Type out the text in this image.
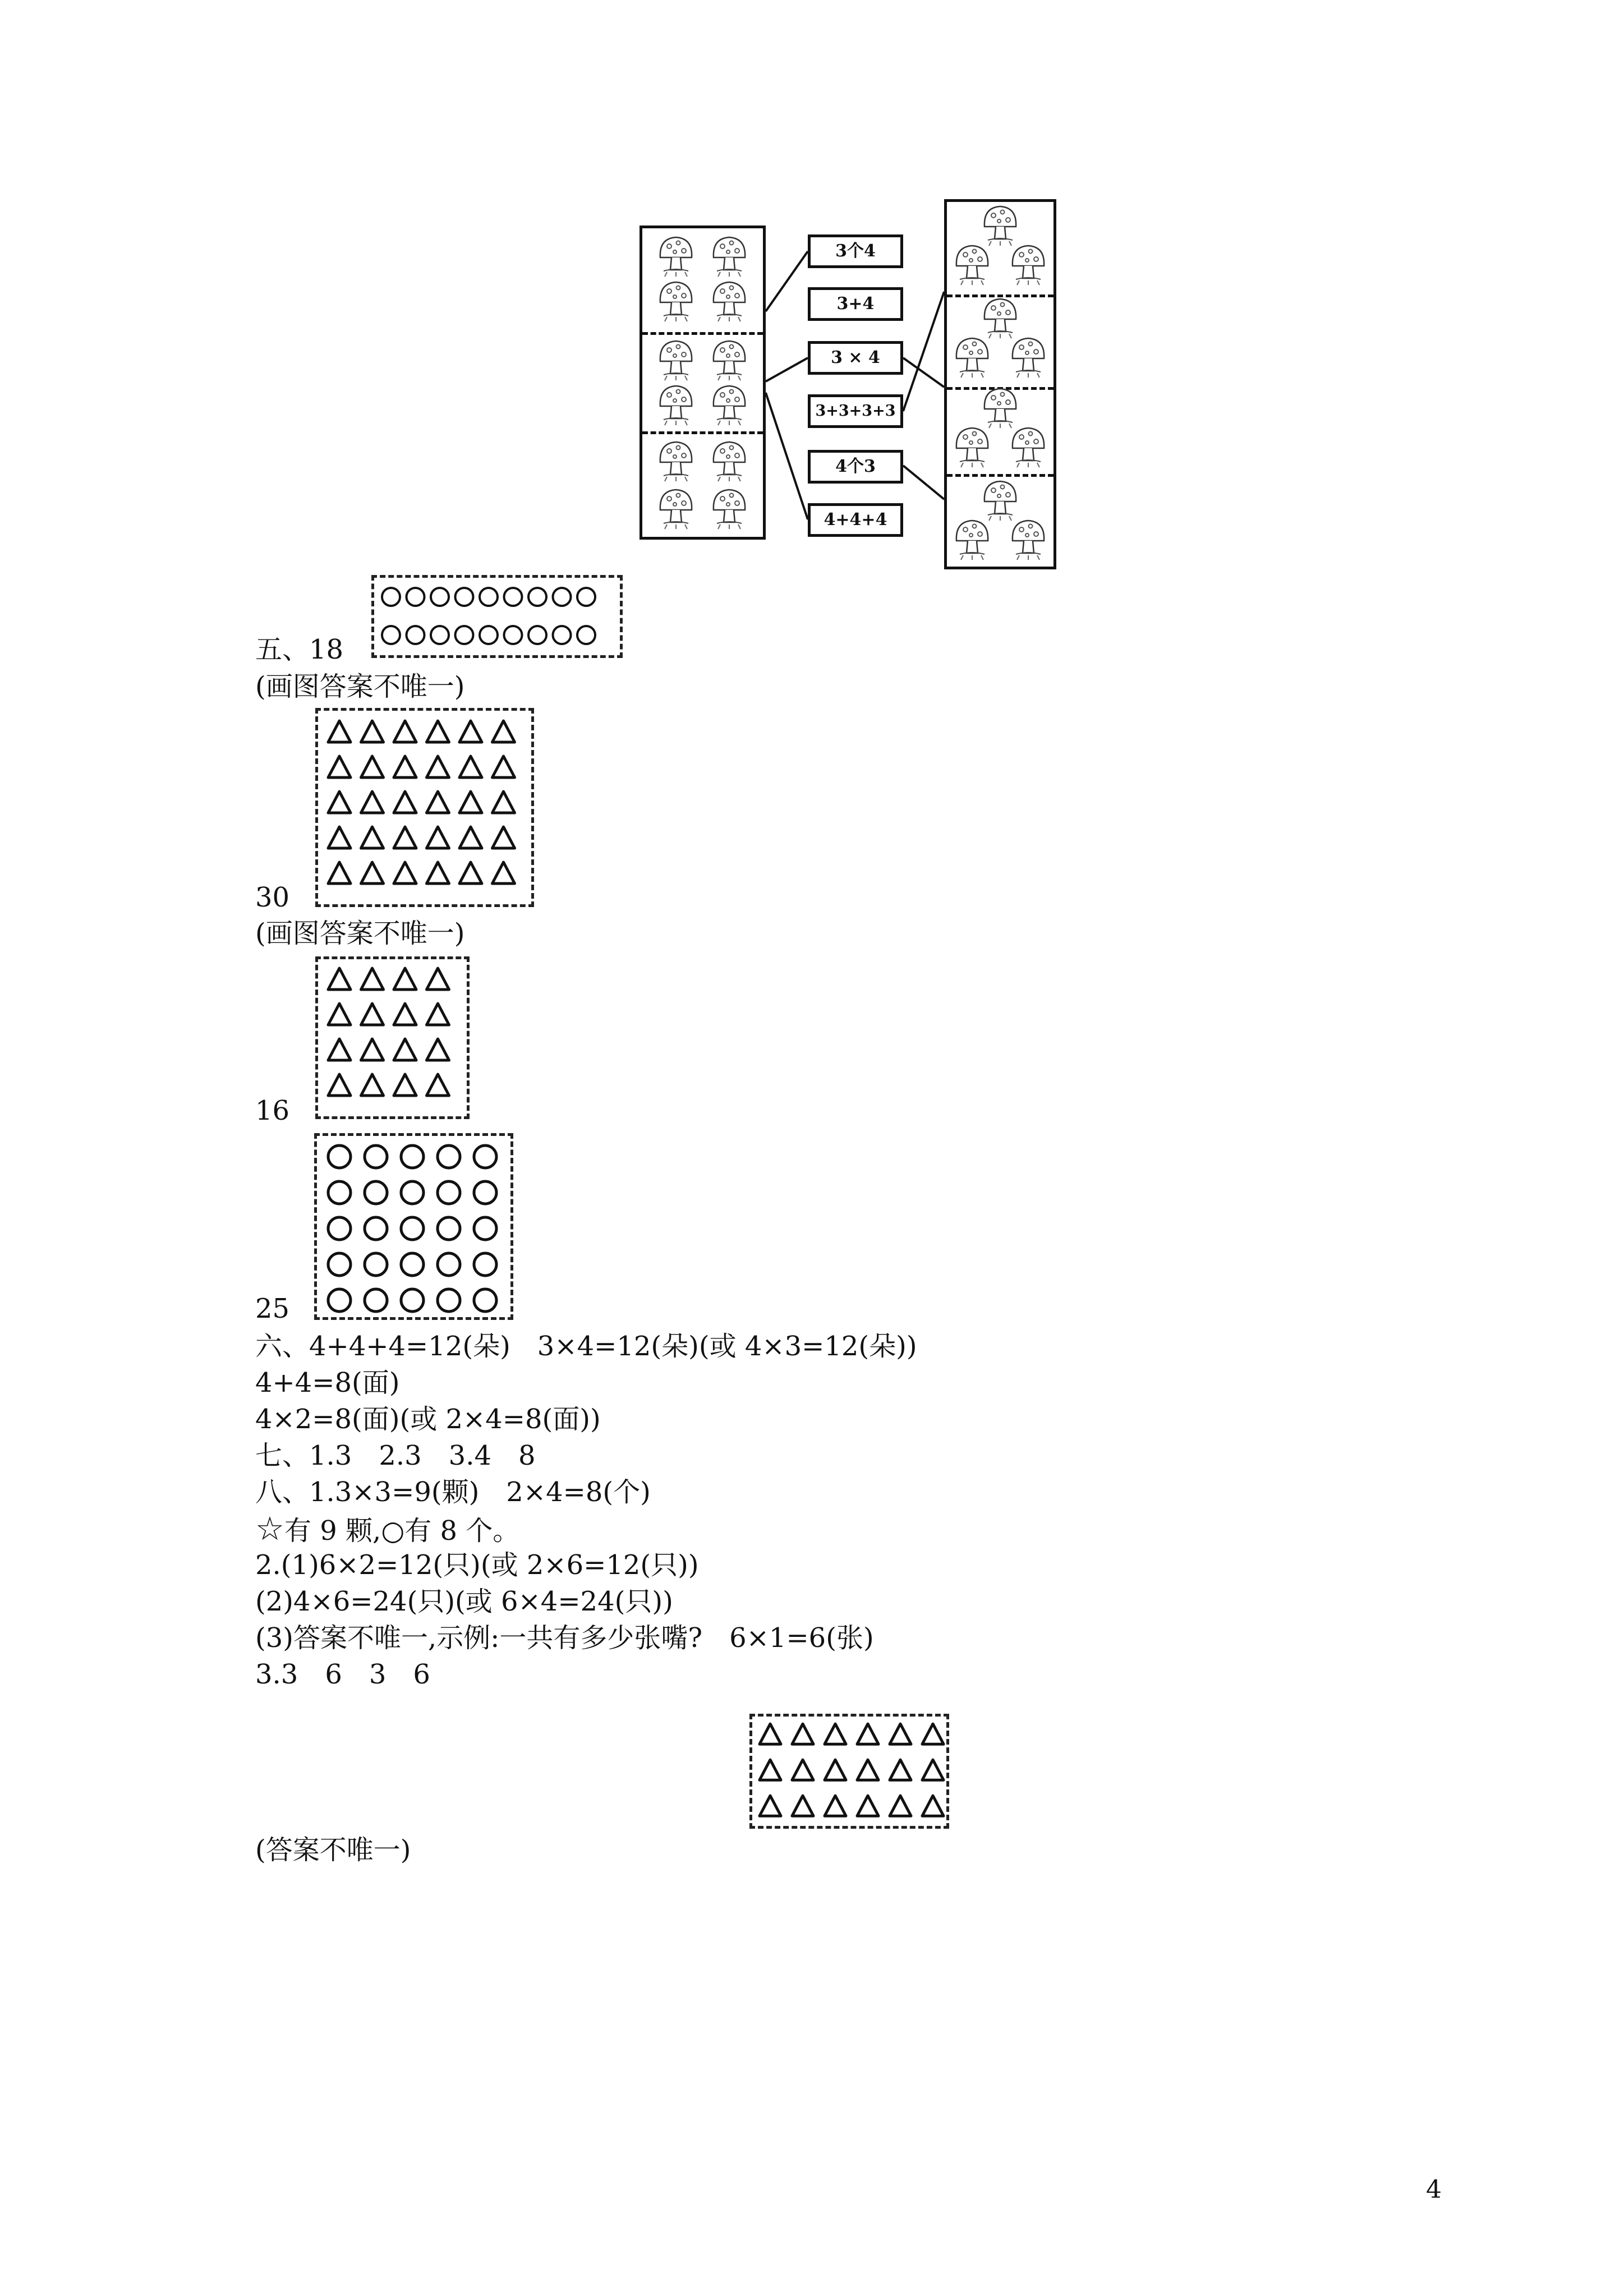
3个4
3+4
3 × 4
3+3+3+3
4个3
4+4+4
五、18
(画图答案不唯一)
30
(画图答案不唯一)
16
25
六、4+4+4=12(朵)　3×4=12(朵)(或 4×3=12(朵))
4+4=8(面)
4×2=8(面)(或 2×4=8(面))
七、1.3　2.3　3.4　8
八、1.3×3=9(颗)　2×4=8(个)
☆有 9 颗,○有 8 个。
2.(1)6×2=12(只)(或 2×6=12(只))
(2)4×6=24(只)(或 6×4=24(只))
(3)答案不唯一,示例:一共有多少张嘴?　6×1=6(张)
3.3　6　3　6
(答案不唯一)
4
